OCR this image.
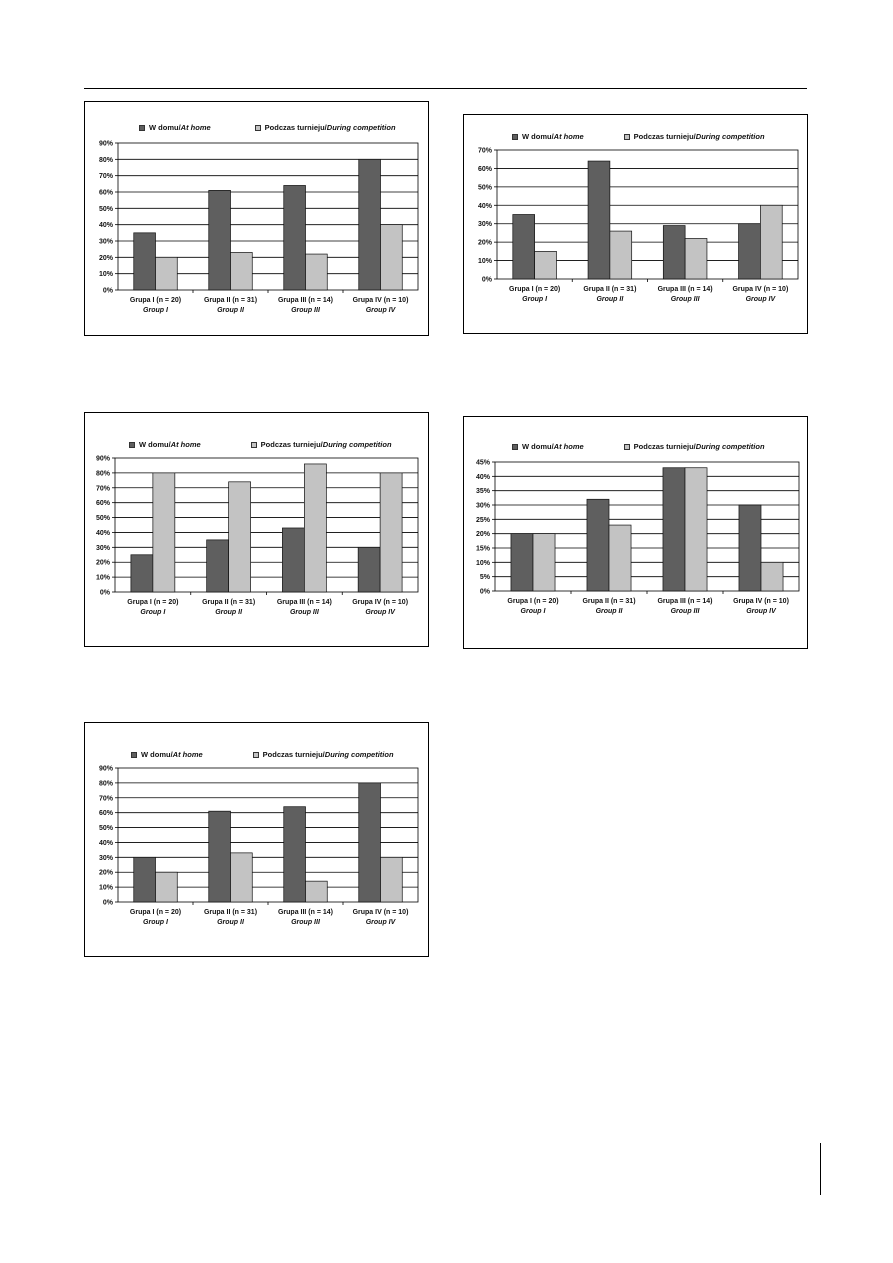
W domu/ At home	Podczas turnieju/ During competition
0%
10%
20%
30%
40%
50%
60%
70%
80%
90%
Grupa I (n = 20)
Group I
Grupa II (n = 31)
Group II
Grupa III (n = 14)
Group III
Grupa IV (n = 10)
Group IV
W domu/ At home	Podczas turnieju/ During competition
0%
10%
20%
30%
40%
50%
60%
70%
Grupa I (n = 20)
Group I
Grupa II (n = 31)
Group II
Grupa III (n = 14)
Group III
Grupa IV (n = 10)
Group IV
W domu/ At home	Podczas turnieju/ During competition
0%
10%
20%
30%
40%
50%
60%
70%
80%
90%
Grupa I (n = 20)
Group I
Grupa II (n = 31)
Group II
Grupa III (n = 14)
Group III
Grupa IV (n = 10)
Group IV
W domu/ At home	Podczas turnieju/ During competition
0%
5%
10%
15%
20%
25%
30%
35%
40%
45%
Grupa I (n = 20)
Group I
Grupa II (n = 31)
Group II
Grupa III (n = 14)
Group III
Grupa IV (n = 10)
Group IV
W domu/ At home	Podczas turnieju/ During competition
0%
10%
20%
30%
40%
50%
60%
70%
80%
90%
Grupa I (n = 20)
Group I
Grupa II (n = 31)
Group II
Grupa III (n = 14)
Group III
Grupa IV (n = 10)
Group IV
